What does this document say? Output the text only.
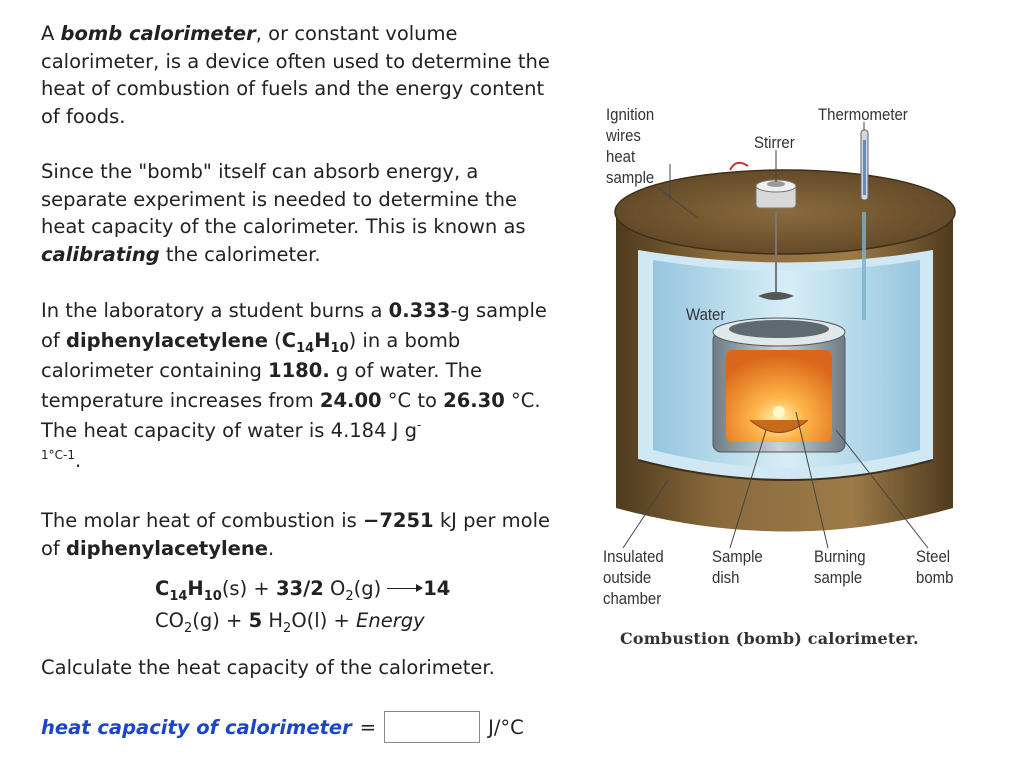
A bomb calorimeter, or constant volume calorimeter, is a device often used to determine the heat of combustion of fuels and the energy content of foods.

Since the "bomb" itself can absorb energy, a separate experiment is needed to determine the heat capacity of the calorimeter. This is known as calibrating the calorimeter.

In the laboratory a student burns a 0.333-g sample of diphenylacetylene $(C_{14}H_{10})$ in a bomb calorimeter containing 1180. g of water. The temperature increases from 24.00 °C to 26.30 °C. The heat capacity of water is 4.184 J g-
$^{1^\circ C-1}$.

The molar heat of combustion is −7251 kJ per mole of diphenylacetylene.

$C_{14}H_{10}(s) + 33/2$ $O_2(g)$ 14
$CO_2(g) + 5$ $H_2O(l)$ + Energy

Calculate the heat capacity of the calorimeter.

heat capacity of calorimeter =	J/°C
Ignition
wires
heat
sample
Stirrer
Thermometer
Water
Insulated
outside
chamber
Sample
dish
Burning
sample
Steel
bomb
Combustion (bomb) calorimeter.
